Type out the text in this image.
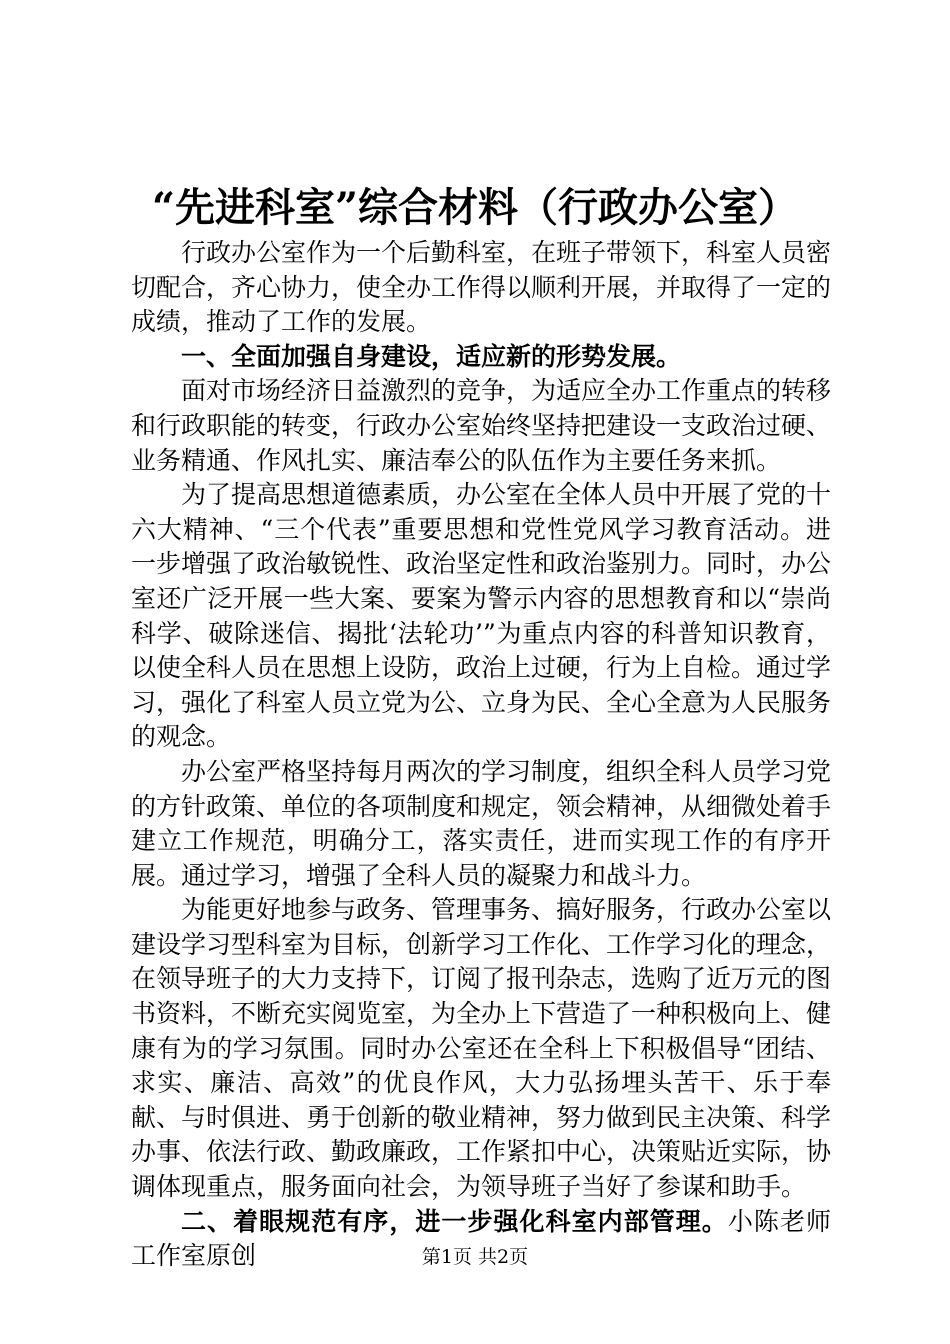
“先进科室”综合材料（行政办公室）

行政办公室作为一个后勤科室，在班子带领下，科室人员密切配合，齐心协力，使全办工作得以顺利开展，并取得了一定的成绩，推动了工作的发展。

一、全面加强自身建设，适应新的形势发展。

面对市场经济日益激烈的竞争，为适应全办工作重点的转移和行政职能的转变，行政办公室始终坚持把建设一支政治过硬、业务精通、作风扎实、廉洁奉公的队伍作为主要任务来抓。

为了提高思想道德素质，办公室在全体人员中开展了党的十六大精神、“三个代表”重要思想和党性党风学习教育活动。进一步增强了政治敏锐性、政治坚定性和政治鉴别力。同时，办公室还广泛开展一些大案、要案为警示内容的思想教育和以“崇尚科学、破除迷信、揭批‘法轮功’”为重点内容的科普知识教育，以使全科人员在思想上设防，政治上过硬，行为上自检。通过学习，强化了科室人员立党为公、立身为民、全心全意为人民服务的观念。

办公室严格坚持每月两次的学习制度，组织全科人员学习党的方针政策、单位的各项制度和规定，领会精神，从细微处着手建立工作规范，明确分工，落实责任，进而实现工作的有序开展。通过学习，增强了全科人员的凝聚力和战斗力。

为能更好地参与政务、管理事务、搞好服务，行政办公室以建设学习型科室为目标，创新学习工作化、工作学习化的理念，在领导班子的大力支持下，订阅了报刊杂志，选购了近万元的图书资料，不断充实阅览室，为全办上下营造了一种积极向上、健康有为的学习氛围。同时办公室还在全科上下积极倡导“团结、求实、廉洁、高效”的优良作风，大力弘扬埋头苦干、乐于奉献、与时俱进、勇于创新的敬业精神，努力做到民主决策、科学办事、依法行政、勤政廉政，工作紧扣中心，决策贴近实际，协调体现重点，服务面向社会，为领导班子当好了参谋和助手。

二、着眼规范有序，进一步强化科室内部管理。小陈老师工作室原创	第1页 共2页
